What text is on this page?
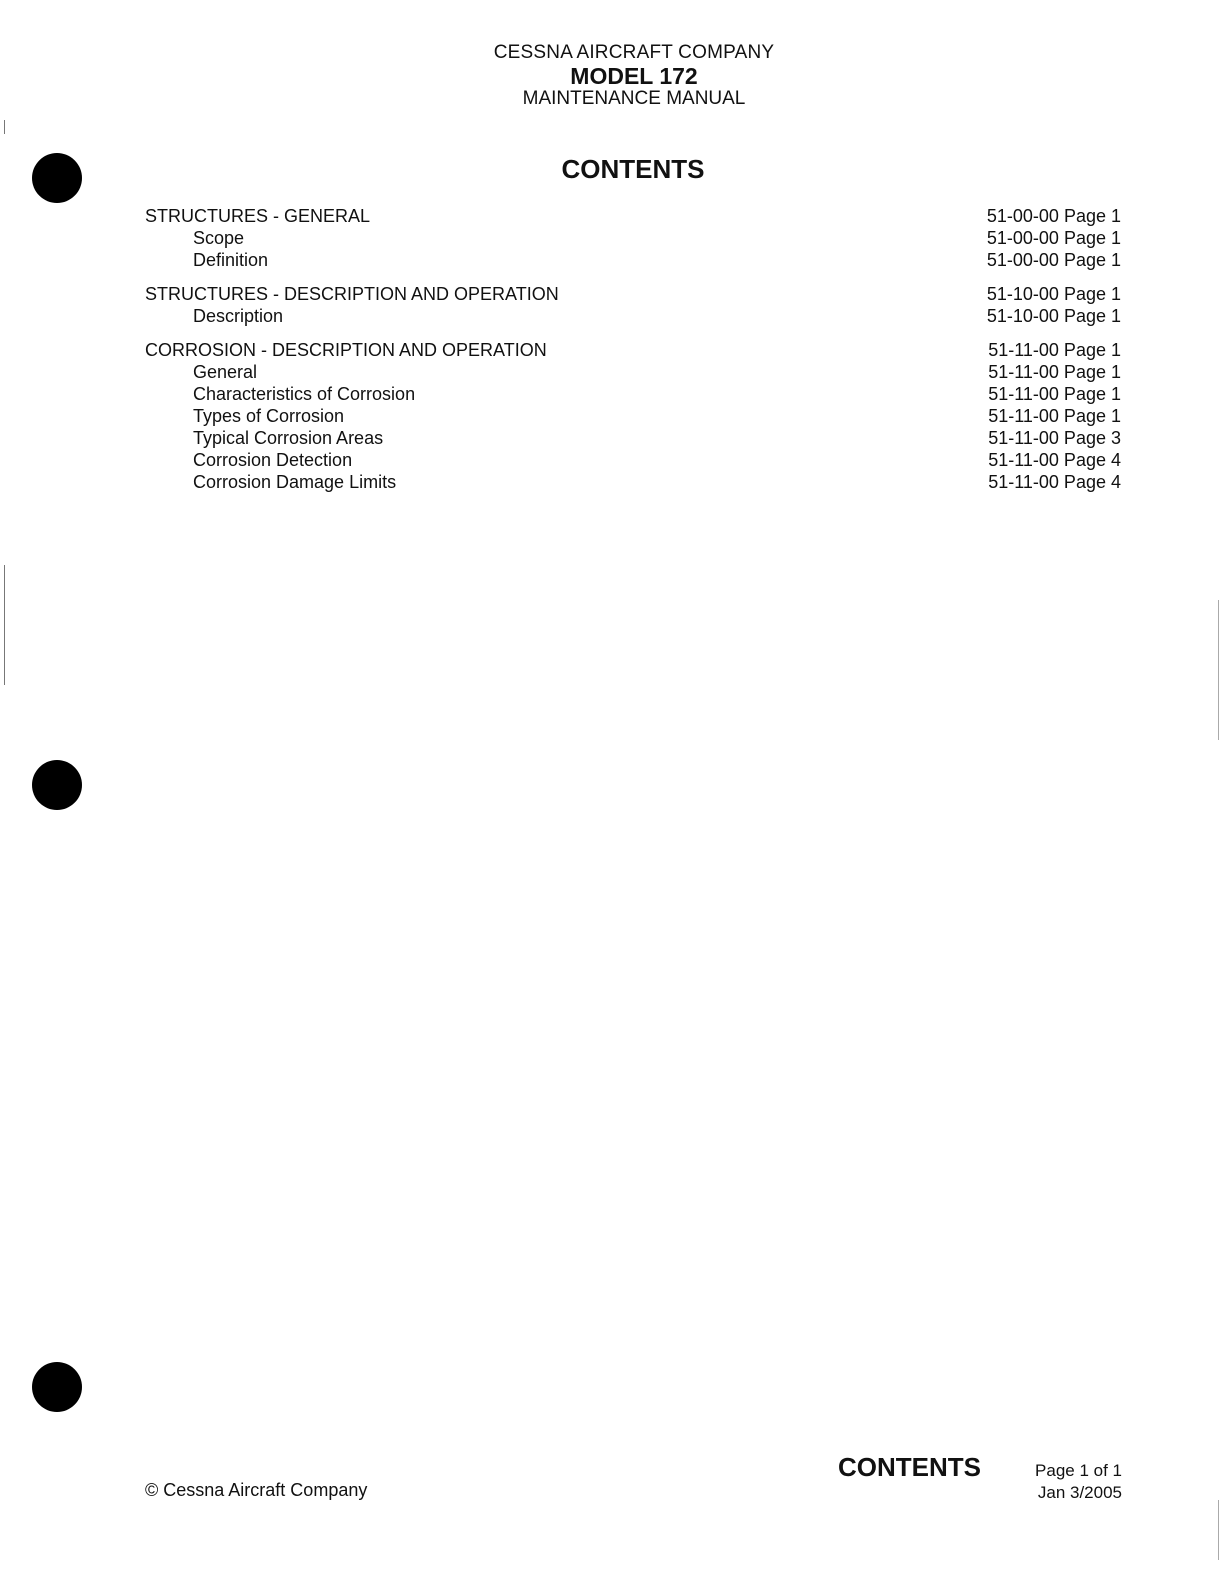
CESSNA AIRCRAFT COMPANY
MODEL 172
MAINTENANCE MANUAL
CONTENTS
STRUCTURES - GENERAL	51-00-00 Page 1
Scope	51-00-00 Page 1
Definition	51-00-00 Page 1
STRUCTURES - DESCRIPTION AND OPERATION	51-10-00 Page 1
Description	51-10-00 Page 1
CORROSION - DESCRIPTION AND OPERATION	51-11-00 Page 1
General	51-11-00 Page 1
Characteristics of Corrosion	51-11-00 Page 1
Types of Corrosion	51-11-00 Page 1
Typical Corrosion Areas	51-11-00 Page 3
Corrosion Detection	51-11-00 Page 4
Corrosion Damage Limits	51-11-00 Page 4
© Cessna Aircraft Company
CONTENTS	Page 1 of 1
Jan 3/2005
